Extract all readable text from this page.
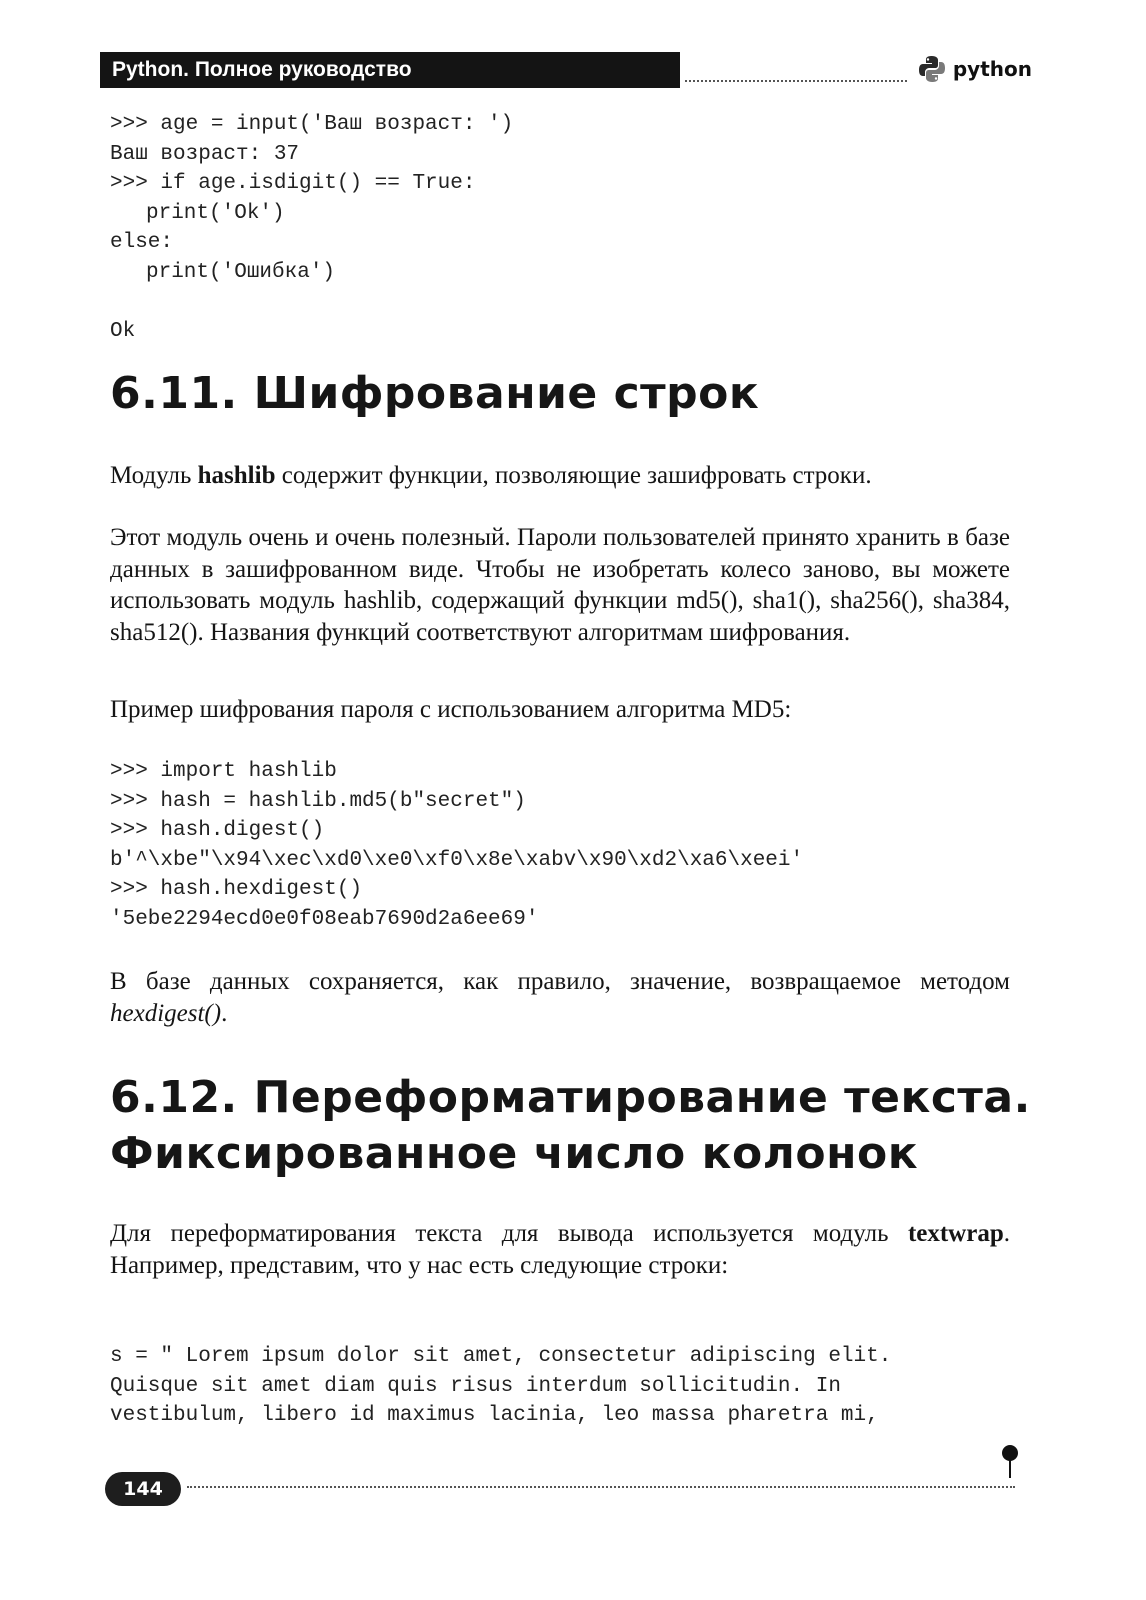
Python. Полное руководство	python
>>> age = input('Ваш возраст: ')
Ваш возраст: 37
>>> if age.isdigit() == True:
print('Ok')
else:
print('Ошибка')

Ok
6.11. Шифрование строк

Модуль hashlib содержит функции, позволяющие зашифровать строки.

Этот модуль очень и очень полезный. Пароли пользователей принято хранить в базе данных в зашифрованном виде. Чтобы не изобретать колесо заново, вы можете использовать модуль hashlib, содержащий функции md5(), sha1(), sha256(), sha384, sha512(). Названия функций соответствуют алгоритмам шифрования.

Пример шифрования пароля с использованием алгоритма MD5:

>>> import hashlib
>>> hash = hashlib.md5(b"secret")
>>> hash.digest()
b'^\xbe"\x94\xec\xd0\xe0\xf0\x8e\xabv\x90\xd2\xa6\xeei'
>>> hash.hexdigest()
'5ebe2294ecd0e0f08eab7690d2a6ee69'

В базе данных сохраняется, как правило, значение, возвращаемое методом hexdigest().

6.12. Переформатирование текста.
Фиксированное число колонок

Для переформатирования текста для вывода используется модуль textwrap. Например, представим, что у нас есть следующие строки:

s = " Lorem ipsum dolor sit amet, consectetur adipiscing elit.
Quisque sit amet diam quis risus interdum sollicitudin. In
vestibulum, libero id maximus lacinia, leo massa pharetra mi,
144
